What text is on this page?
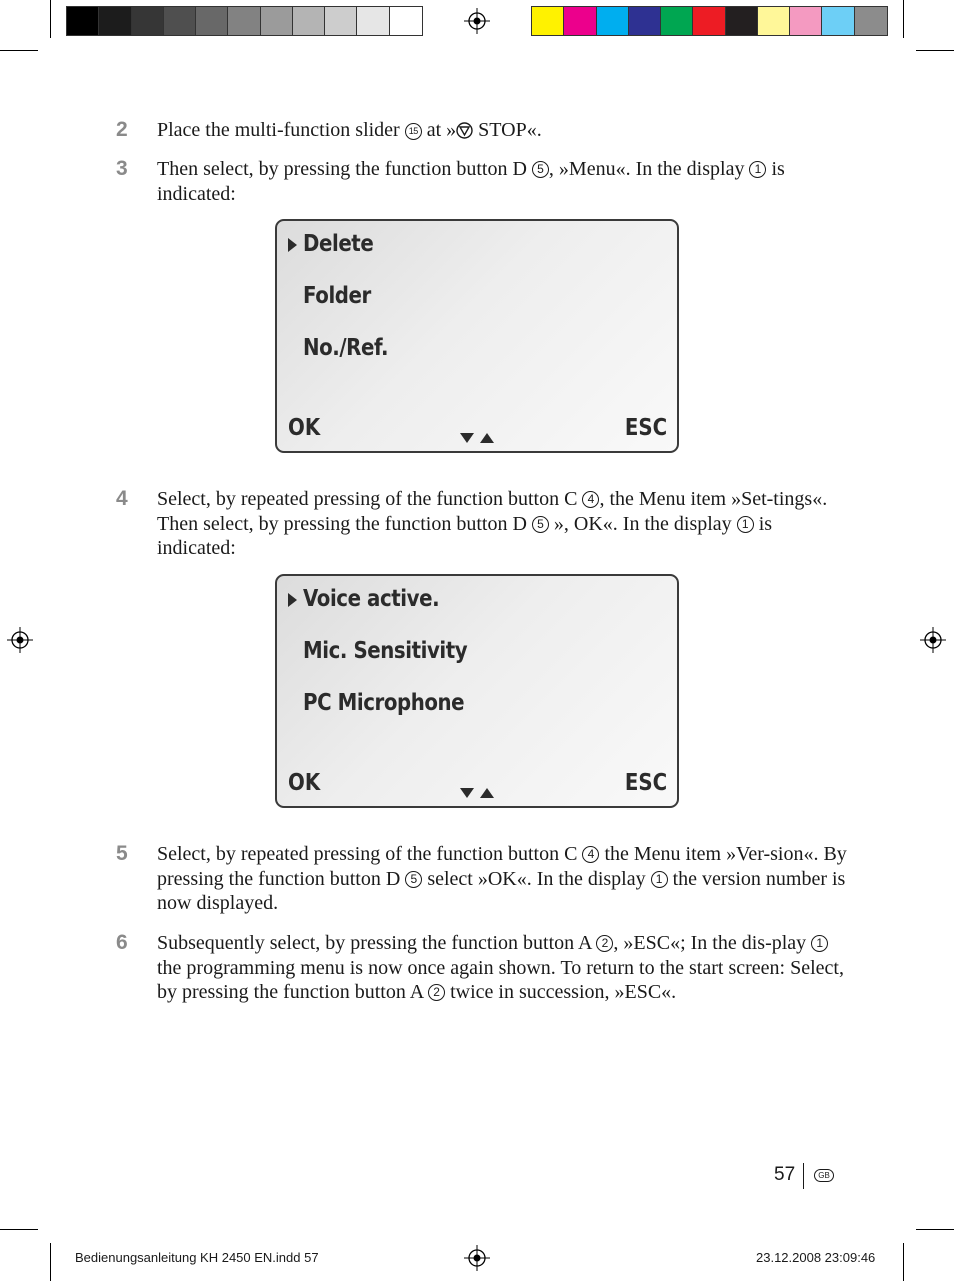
2	Place the multi-function slider 15 at » STOP«.
3	Then select, by pressing the function button D 5 , »Menu«. In the display 1 is indicated:
Delete
Folder
No./Ref.
OK	ESC
4	Select, by repeated pressing of the function button C 4 , the Menu item »Set-tings«. Then select, by pressing the function button D 5 », OK«. In the display 1 is indicated:
Voice active.
Mic. Sensitivity
PC Microphone
OK	ESC
5	Select, by repeated pressing of the function button C 4 the Menu item »Ver-sion«. By pressing the function button D 5 select »OK«. In the display 1 the version number is now displayed.
6	Subsequently select, by pressing the function button A 2 , »ESC«; In the dis-play 1 the programming menu is now once again shown. To return to the start screen: Select, by pressing the function button A 2 twice in succession, »ESC«.
57	GB
Bedienungsanleitung KH 2450 EN.indd 57	23.12.2008 23:09:46
